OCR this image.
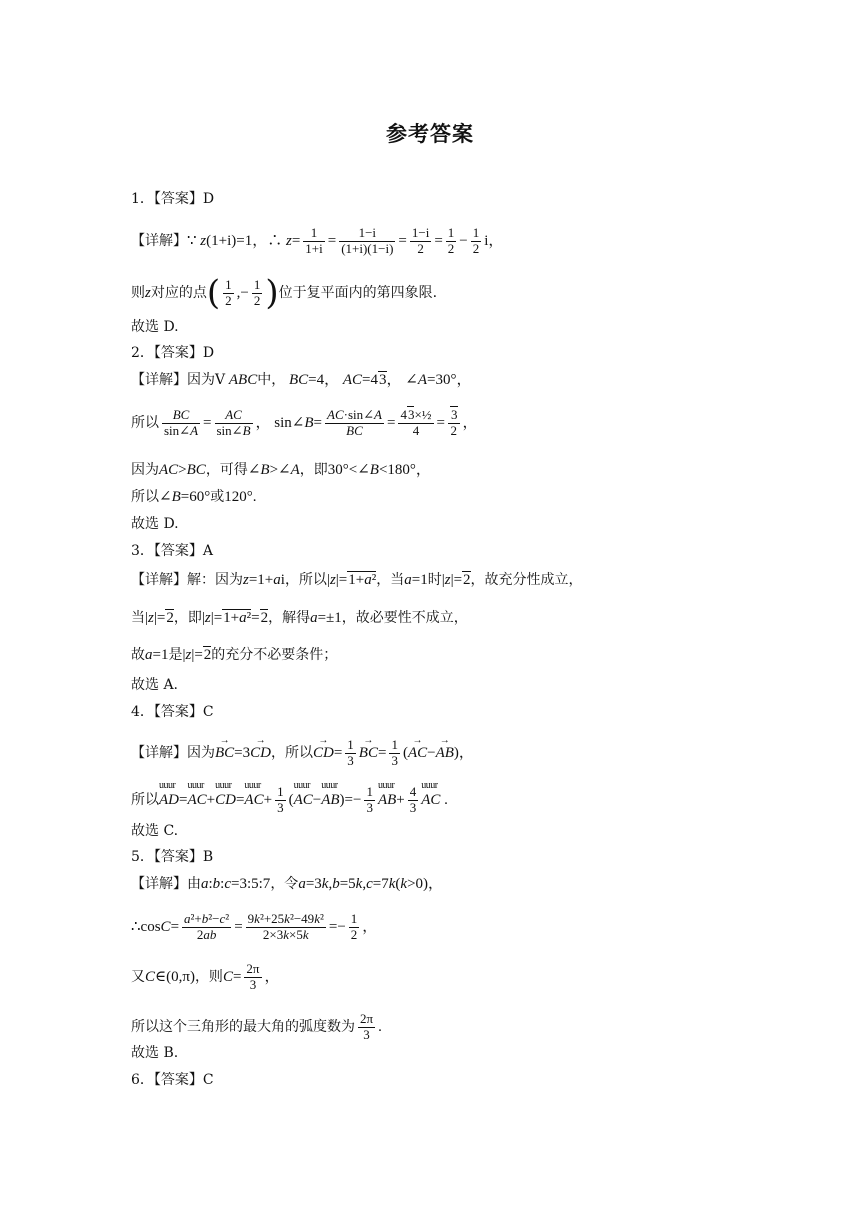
参考答案
1．【答案】D
【详解】∵ z(1+i)=1，∴ $z= \frac{1}{1+i} = \frac{1-i}{(1+i)(1-i)} = \frac{1-i}{2} = \frac{1}{2} - \frac{1}{2}$ i，
则z对应的点( $\frac{1}{2}$ ,− $\frac{1}{2}$ )位于复平面内的第四象限.
故选 D.
2．【答案】D
【详解】因为V ABC中， BC=4， AC=43， ∠A=30°，
所以 $\frac{BC}{\sin\angle A} = \frac{AC}{\sin\angle B}$ ， sin∠B= $\frac{AC\cdot\sin\angle A}{BC} = \frac{\text{43×½}}{4} = \frac{3}{2}$ ，
因为AC>BC，可得∠B>∠A，即30°<∠B<180°，
所以∠B=60°或120°.
故选 D.
3．【答案】A
【详解】解：因为z=1+ai，所以|z|=1+a²，当a=1时|z|=2，故充分性成立，
当|z|=2，即|z|=1+a²=2，解得a=±1，故必要性不成立，
故a=1是|z|=2的充分不必要条件；
故选 A.
4．【答案】C
【详解】因为→ BC=3→ CD，所以→ $CD= \frac{1}{3}$
→ $BC= \frac{1}{3}$ (→ AC−→ AB)，
所以uuur AD=uuur AC+uuur CD=uuur $AC+ \frac{1}{3}$ (uuur AC−uuur $AB)=- \frac{1}{3}$
uuur $AB+ \frac{4}{3}$
uuur AC .
故选 C.
5．【答案】B
【详解】由a:b:c=3:5:7，令a=3k,b=5k,c=7k(k>0)，
∴cosC= $\frac{\text{a²+b²−c²}}{2ab} = \frac{\text{9k²+25k²−49k²}}{2\times 3k\times 5k} =- \frac{1}{2}$ ，
又C∈(0,π)，则$C= \frac{2\pi}{3}$ ，
所以这个三角形的最大角的弧度数为 $\frac{2\pi}{3}$ .
故选 B.
6．【答案】C
